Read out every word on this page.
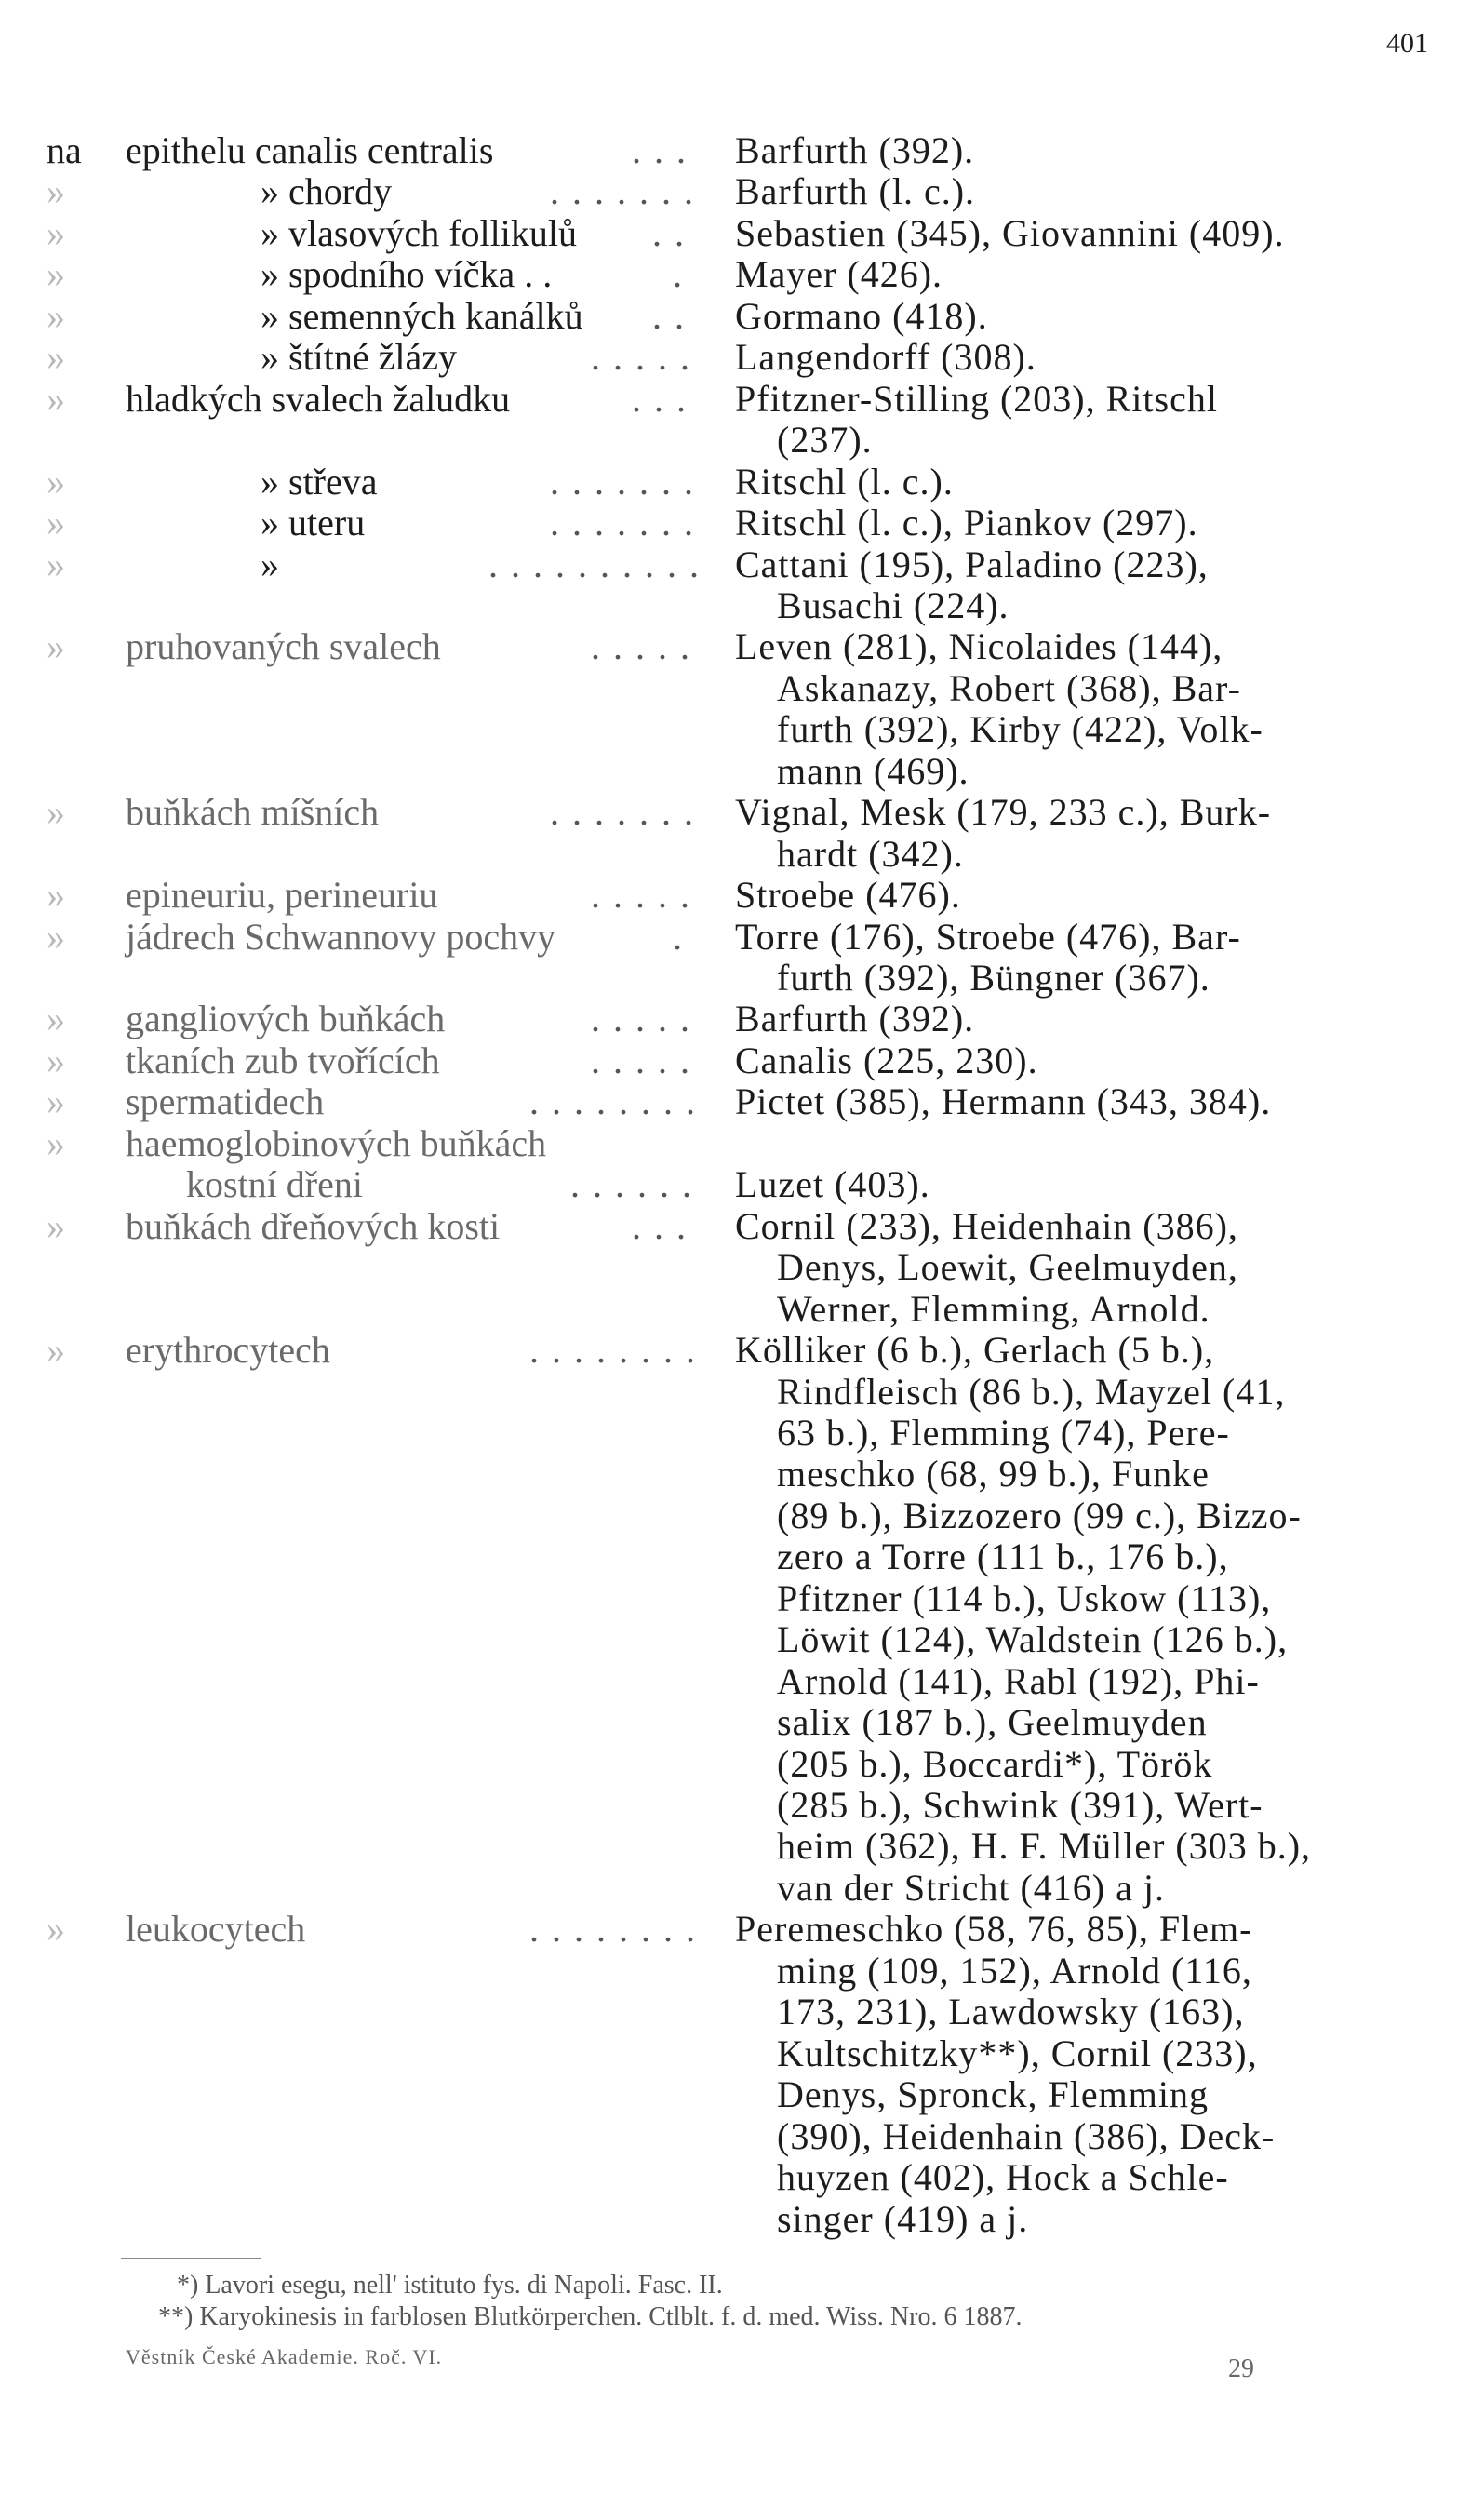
401
na epithelu canalis centralis	. . . Barfurth (392).
»	» chordy	. . . . . . . Barfurth (l. c.).
»	» vlasových follikulů . . Sebastien (345), Giovannini (409).
»	» spodního víčka . .	. Mayer (426).
»	» semenných kanálků . . Gormano (418).
»	» štítné žlázy	. . . . . Langendorff (308).
» hladkých svalech žaludku	. . . Pfitzner-Stilling (203), Ritschl
(237).
»	» střeva	. . . . . . . Ritschl (l. c.).
»	» uteru	. . . . . . . Ritschl (l. c.), Piankov (297).
»	»	. . . . . . . . . . Cattani (195), Paladino (223),
Busachi (224).
» pruhovaných svalech	. . . . . Leven (281), Nicolaides (144),
Askanazy, Robert (368), Bar-
furth (392), Kirby (422), Volk-
mann (469).
» buňkách míšních	. . . . . . . Vignal, Mesk (179, 233 c.), Burk-
hardt (342).
» epineuriu, perineuriu	. . . . . Stroebe (476).
» jádrech Schwannovy pochvy	. Torre (176), Stroebe (476), Bar-
furth (392), Büngner (367).
» gangliových buňkách	. . . . . Barfurth (392).
» tkaních zub tvořících	. . . . . Canalis (225, 230).
» spermatidech	. . . . . . . . Pictet (385), Hermann (343, 384).
» haemoglobinových buňkách
kostní dřeni	. . . . . . Luzet (403).
» buňkách dřeňových kosti	. . . Cornil (233), Heidenhain (386),
Denys, Loewit, Geelmuyden,
Werner, Flemming, Arnold.
» erythrocytech	. . . . . . . . Kölliker (6 b.), Gerlach (5 b.),
Rindfleisch (86 b.), Mayzel (41,
63 b.), Flemming (74), Pere-
meschko (68, 99 b.), Funke
(89 b.), Bizzozero (99 c.), Bizzo-
zero a Torre (111 b., 176 b.),
Pfitzner (114 b.), Uskow (113),
Löwit (124), Waldstein (126 b.),
Arnold (141), Rabl (192), Phi-
salix (187 b.), Geelmuyden
(205 b.), Boccardi*), Török
(285 b.), Schwink (391), Wert-
heim (362), H. F. Müller (303 b.),
van der Stricht (416) a j.
» leukocytech	. . . . . . . . Peremeschko (58, 76, 85), Flem-
ming (109, 152), Arnold (116,
173, 231), Lawdowsky (163),
Kultschitzky**), Cornil (233),
Denys, Spronck, Flemming
(390), Heidenhain (386), Deck-
huyzen (402), Hock a Schle-
singer (419) a j.
*) Lavori esegu, nell' istituto fys. di Napoli. Fasc. II.
**) Karyokinesis in farblosen Blutkörperchen. Ctlblt. f. d. med. Wiss. Nro. 6 1887.
Věstník České Akademie. Roč. VI.	29
